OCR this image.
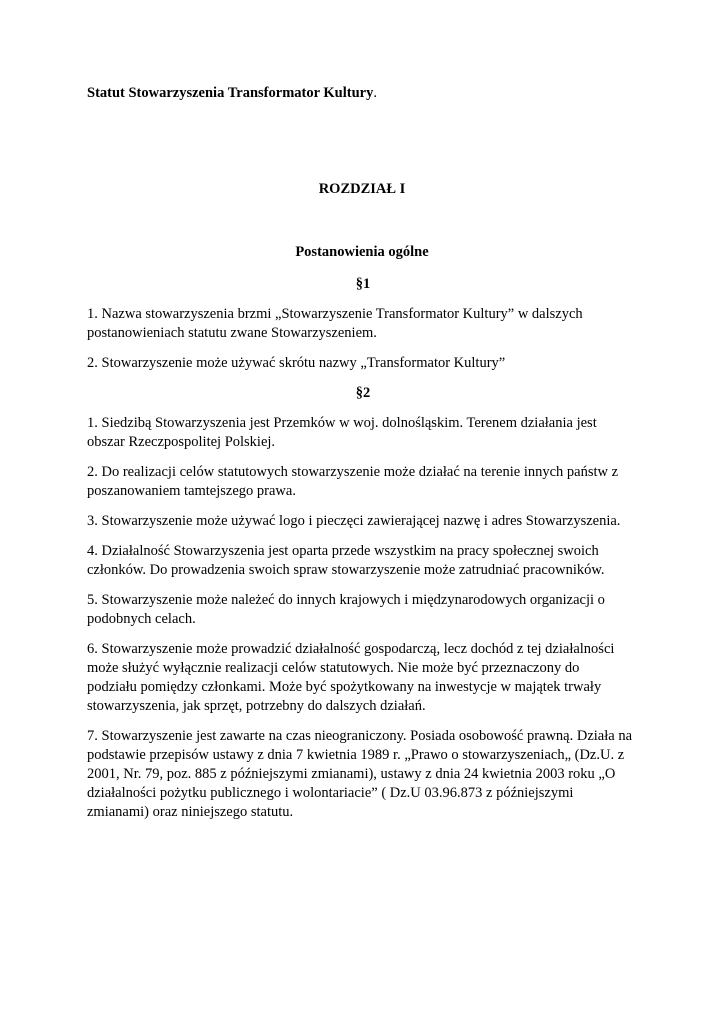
Statut Stowarzyszenia Transformator Kultury.

ROZDZIAŁ I

Postanowienia ogólne

§1

1. Nazwa stowarzyszenia brzmi „Stowarzyszenie Transformator Kultury” w dalszych
postanowieniach statutu zwane Stowarzyszeniem.

2. Stowarzyszenie może używać skrótu nazwy „Transformator Kultury”

§2

1. Siedzibą Stowarzyszenia jest Przemków w woj. dolnośląskim. Terenem działania jest
obszar Rzeczpospolitej Polskiej.

2. Do realizacji celów statutowych stowarzyszenie może działać na terenie innych państw z
poszanowaniem tamtejszego prawa.

3. Stowarzyszenie może używać logo i pieczęci zawierającej nazwę i adres Stowarzyszenia.

4. Działalność Stowarzyszenia jest oparta przede wszystkim na pracy społecznej swoich
członków. Do prowadzenia swoich spraw stowarzyszenie może zatrudniać pracowników.

5. Stowarzyszenie może należeć do innych krajowych i międzynarodowych organizacji o
podobnych celach.

6. Stowarzyszenie może prowadzić działalność gospodarczą, lecz dochód z tej działalności
może służyć wyłącznie realizacji celów statutowych. Nie może być przeznaczony do
podziału pomiędzy członkami. Może być spożytkowany na inwestycje w majątek trwały
stowarzyszenia, jak sprzęt, potrzebny do dalszych działań.

7. Stowarzyszenie jest zawarte na czas nieograniczony. Posiada osobowość prawną. Działa na
podstawie przepisów ustawy z dnia 7 kwietnia 1989 r. „Prawo o stowarzyszeniach„ (Dz.U. z
2001, Nr. 79, poz. 885 z późniejszymi zmianami), ustawy z dnia 24 kwietnia 2003 roku „O
działalności pożytku publicznego i wolontariacie” ( Dz.U 03.96.873 z późniejszymi
zmianami) oraz niniejszego statutu.
